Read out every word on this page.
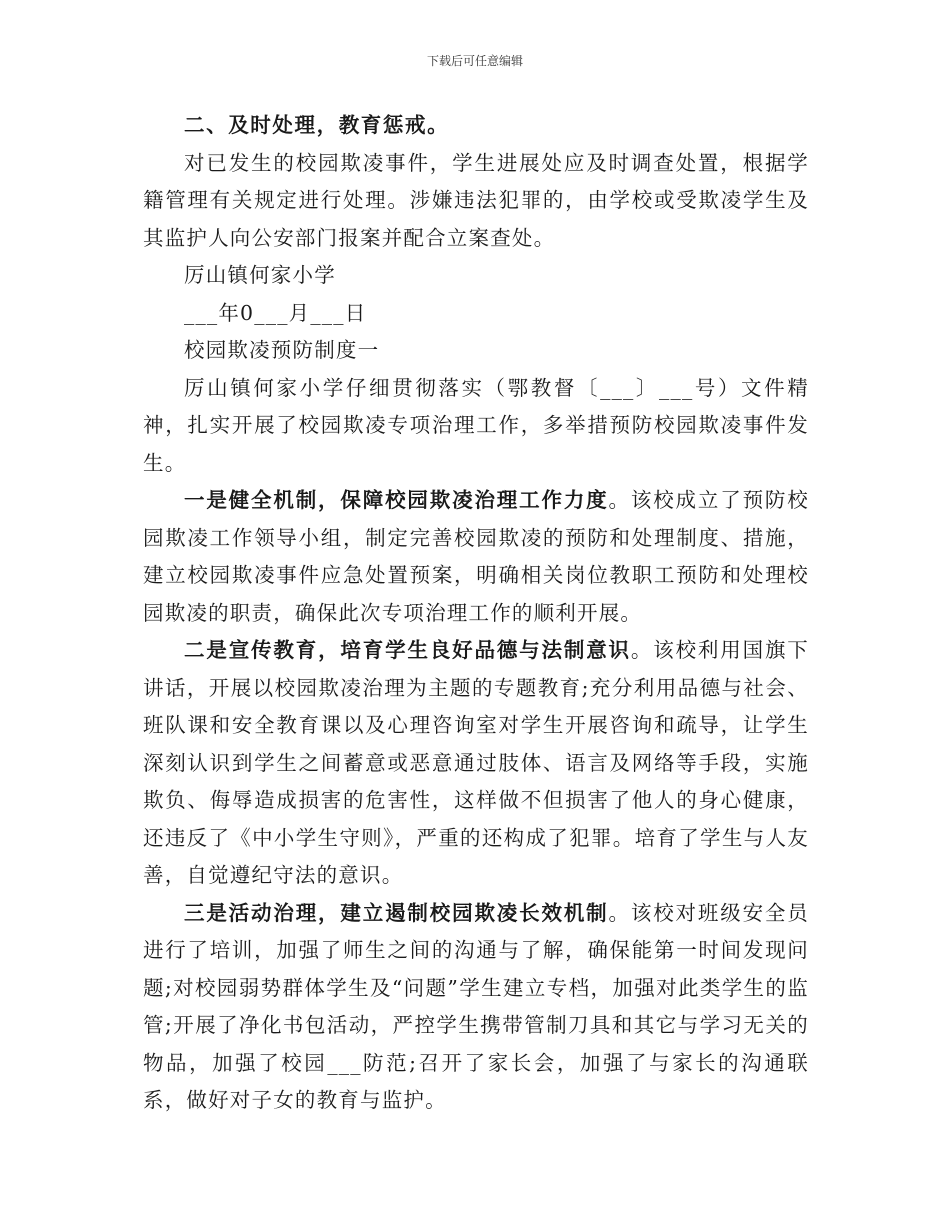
下载后可任意编辑

二、及时处理，教育惩戒。

对已发生的校园欺凌事件，学生进展处应及时调查处置，根据学籍管理有关规定进行处理。涉嫌违法犯罪的，由学校或受欺凌学生及其监护人向公安部门报案并配合立案查处。

厉山镇何家小学

___年0___月___日

校园欺凌预防制度一

厉山镇何家小学仔细贯彻落实（鄂教督〔___〕___号）文件精神，扎实开展了校园欺凌专项治理工作，多举措预防校园欺凌事件发生。

一是健全机制，保障校园欺凌治理工作力度。该校成立了预防校园欺凌工作领导小组，制定完善校园欺凌的预防和处理制度、措施，建立校园欺凌事件应急处置预案，明确相关岗位教职工预防和处理校园欺凌的职责，确保此次专项治理工作的顺利开展。

二是宣传教育，培育学生良好品德与法制意识。该校利用国旗下讲话，开展以校园欺凌治理为主题的专题教育;充分利用品德与社会、班队课和安全教育课以及心理咨询室对学生开展咨询和疏导，让学生深刻认识到学生之间蓄意或恶意通过肢体、语言及网络等手段，实施欺负、侮辱造成损害的危害性，这样做不但损害了他人的身心健康，还违反了《中小学生守则》，严重的还构成了犯罪。培育了学生与人友善，自觉遵纪守法的意识。

三是活动治理，建立遏制校园欺凌长效机制。该校对班级安全员进行了培训，加强了师生之间的沟通与了解，确保能第一时间发现问题;对校园弱势群体学生及“问题”学生建立专档，加强对此类学生的监管;开展了净化书包活动，严控学生携带管制刀具和其它与学习无关的物品，加强了校园___防范;召开了家长会，加强了与家长的沟通联系，做好对子女的教育与监护。
